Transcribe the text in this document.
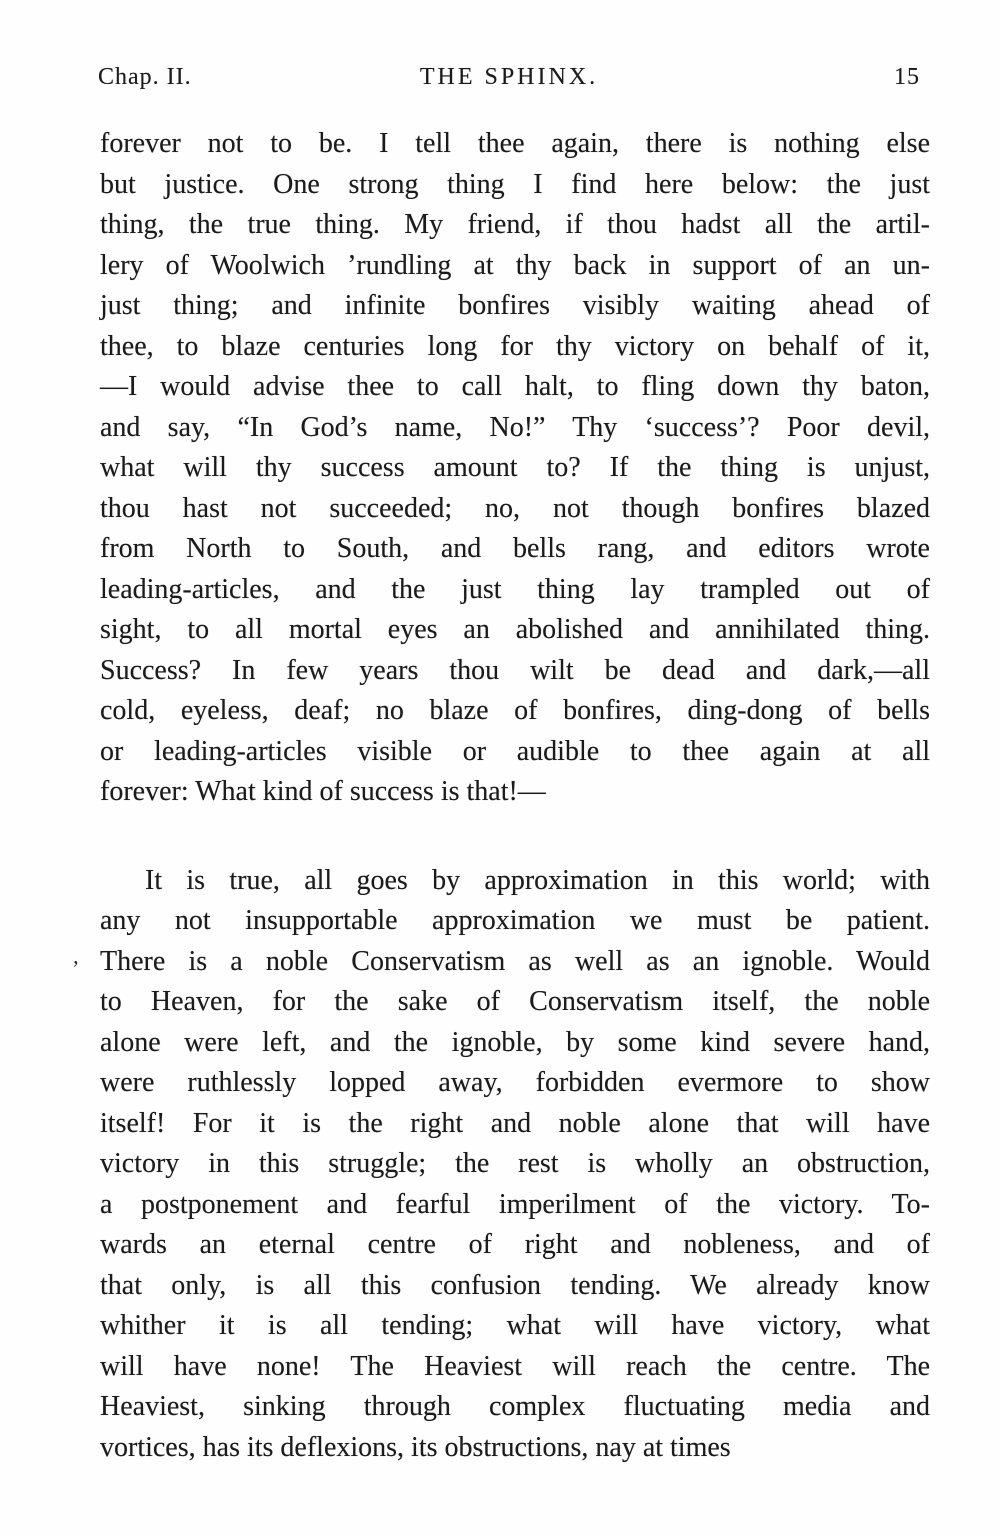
Chap. II.	THE SPHINX.	15
ʼ
forever not to be. I tell thee again, there is nothing else
but justice. One strong thing I find here below: the just
thing, the true thing. My friend, if thou hadst all the artil-
lery of Woolwich ’rundling at thy back in support of an un-
just thing; and infinite bonfires visibly waiting ahead of
thee, to blaze centuries long for thy victory on behalf of it,
—I would advise thee to call halt, to fling down thy baton,
and say, “In God’s name, No!” Thy ‘success’? Poor devil,
what will thy success amount to? If the thing is unjust,
thou hast not succeeded; no, not though bonfires blazed
from North to South, and bells rang, and editors wrote
leading-articles, and the just thing lay trampled out of
sight, to all mortal eyes an abolished and annihilated thing.
Success? In few years thou wilt be dead and dark,—all
cold, eyeless, deaf; no blaze of bonfires, ding-dong of bells
or leading-articles visible or audible to thee again at all
forever: What kind of success is that!—
It is true, all goes by approximation in this world; with
any not insupportable approximation we must be patient.
There is a noble Conservatism as well as an ignoble. Would
to Heaven, for the sake of Conservatism itself, the noble
alone were left, and the ignoble, by some kind severe hand,
were ruthlessly lopped away, forbidden evermore to show
itself! For it is the right and noble alone that will have
victory in this struggle; the rest is wholly an obstruction,
a postponement and fearful imperilment of the victory. To-
wards an eternal centre of right and nobleness, and of
that only, is all this confusion tending. We already know
whither it is all tending; what will have victory, what
will have none! The Heaviest will reach the centre. The
Heaviest, sinking through complex fluctuating media and
vortices, has its deflexions, its obstructions, nay at times
